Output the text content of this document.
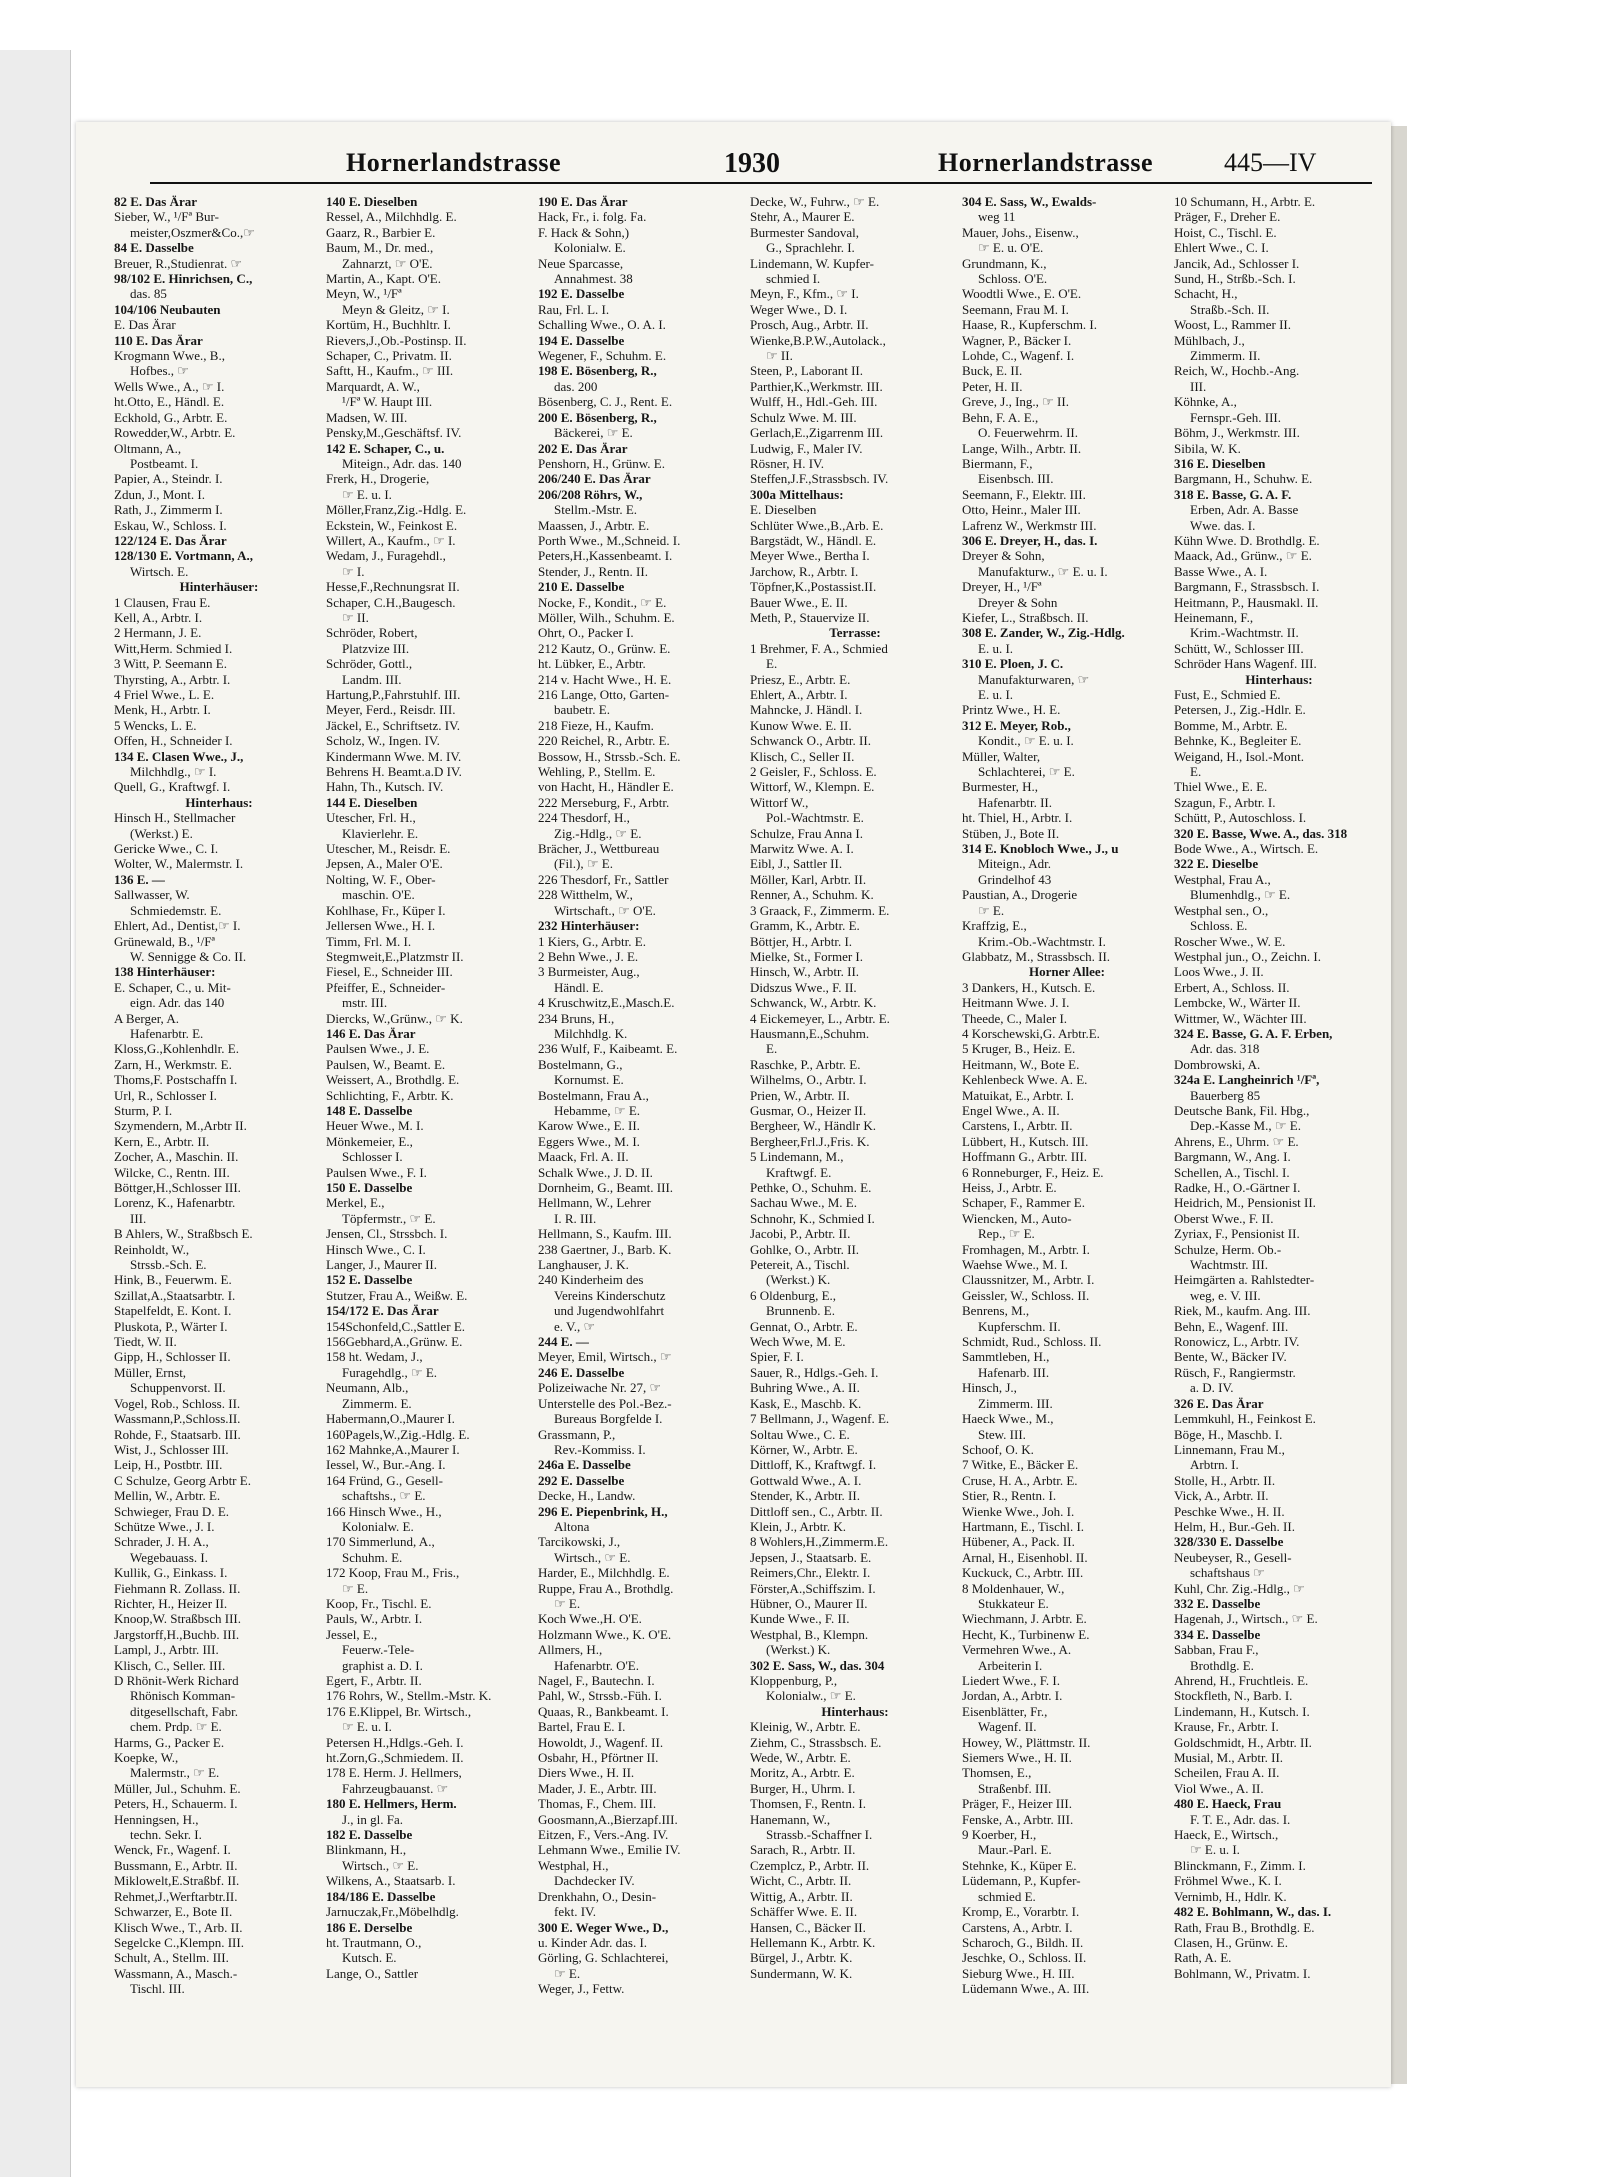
Hornerlandstrasse	1930	Hornerlandstrasse	445—IV
82 E. Das Ärar
Sieber, W., ¹/Fª Bur-
meister,Oszmer&Co.,☞
84 E. Dasselbe
Breuer, R.,Studienrat. ☞
98/102 E. Hinrichsen, C.,
das. 85
104/106 Neubauten
E. Das Ärar
110 E. Das Ärar
Krogmann Wwe., B.,
Hofbes., ☞
Wells Wwe., A., ☞ I.
ht.Otto, E., Händl. E.
Eckhold, G., Arbtr. E.
Rowedder,W., Arbtr. E.
Oltmann, A.,
Postbeamt. I.
Papier, A., Steindr. I.
Zdun, J., Mont. I.
Rath, J., Zimmerm I.
Eskau, W., Schloss. I.
122/124 E. Das Ärar
128/130 E. Vortmann, A.,
Wirtsch. E.
Hinterhäuser:
1 Clausen, Frau E.
Kell, A., Arbtr. I.
2 Hermann, J. E.
Witt,Herm. Schmied I.
3 Witt, P. Seemann E.
Thyrsting, A., Arbtr. I.
4 Friel Wwe., L. E.
Menk, H., Arbtr. I.
5 Wencks, L. E.
Offen, H., Schneider I.
134 E. Clasen Wwe., J.,
Milchhdlg., ☞ I.
Quell, G., Kraftwgf. I.
Hinterhaus:
Hinsch H., Stellmacher
(Werkst.) E.
Gericke Wwe., C. I.
Wolter, W., Malermstr. I.
136 E. —
Sallwasser, W.
Schmiedemstr. E.
Ehlert, Ad., Dentist,☞ I.
Grünewald, B., ¹/Fª
W. Sennigge & Co. II.
138 Hinterhäuser:
E. Schaper, C., u. Mit-
eign. Adr. das 140
A Berger, A.
Hafenarbtr. E.
Kloss,G.,Kohlenhdlr. E.
Zarn, H., Werkmstr. E.
Thoms,F. Postschaffn I.
Url, R., Schlosser I.
Sturm, P. I.
Szymendern, M.,Arbtr II.
Kern, E., Arbtr. II.
Zocher, A., Maschin. II.
Wilcke, C., Rentn. III.
Böttger,H.,Schlosser III.
Lorenz, K., Hafenarbtr.
III.
B Ahlers, W., Straßbsch E.
Reinholdt, W.,
Strssb.-Sch. E.
Hink, B., Feuerwm. E.
Szillat,A.,Staatsarbtr. I.
Stapelfeldt, E. Kont. I.
Pluskota, P., Wärter I.
Tiedt, W. II.
Gipp, H., Schlosser II.
Müller, Ernst,
Schuppenvorst. II.
Vogel, Rob., Schloss. II.
Wassmann,P.,Schloss.II.
Rohde, F., Staatsarb. III.
Wist, J., Schlosser III.
Leip, H., Postbtr. III.
C Schulze, Georg Arbtr E.
Mellin, W., Arbtr. E.
Schwieger, Frau D. E.
Schütze Wwe., J. I.
Schrader, J. H. A.,
Wegebauass. I.
Kullik, G., Einkass. I.
Fiehmann R. Zollass. II.
Richter, H., Heizer II.
Knoop,W. Straßbsch III.
Jargstorff,H.,Buchb. III.
Lampl, J., Arbtr. III.
Klisch, C., Seller. III.
D Rhönit-Werk Richard
Rhönisch Komman-
ditgesellschaft, Fabr.
chem. Prdp. ☞ E.
Harms, G., Packer E.
Koepke, W.,
Malermstr., ☞ E.
Müller, Jul., Schuhm. E.
Peters, H., Schauerm. I.
Henningsen, H.,
techn. Sekr. I.
Wenck, Fr., Wagenf. I.
Bussmann, E., Arbtr. II.
Miklowelt,E.Straßbf. II.
Rehmet,J.,Werftarbtr.II.
Schwarzer, E., Bote II.
Klisch Wwe., T., Arb. II.
Segelcke C.,Klempn. III.
Schult, A., Stellm. III.
Wassmann, A., Masch.-
Tischl. III.
140 E. Dieselben
Ressel, A., Milchhdlg. E.
Gaarz, R., Barbier E.
Baum, M., Dr. med.,
Zahnarzt, ☞ O'E.
Martin, A., Kapt. O'E.
Meyn, W., ¹/Fª
Meyn & Gleitz, ☞ I.
Kortüm, H., Buchhltr. I.
Rievers,J.,Ob.-Postinsp. II.
Schaper, C., Privatm. II.
Saftt, H., Kaufm., ☞ III.
Marquardt, A. W.,
¹/Fª W. Haupt III.
Madsen, W. III.
Pensky,M.,Geschäftsf. IV.
142 E. Schaper, C., u.
Miteign., Adr. das. 140
Frerk, H., Drogerie,
☞ E. u. I.
Möller,Franz,Zig.-Hdlg. E.
Eckstein, W., Feinkost E.
Willert, A., Kaufm., ☞ I.
Wedam, J., Furagehdl.,
☞ I.
Hesse,F.,Rechnungsrat II.
Schaper, C.H.,Baugesch.
☞ II.
Schröder, Robert,
Platzvize III.
Schröder, Gottl.,
Landm. III.
Hartung,P.,Fahrstuhlf. III.
Meyer, Ferd., Reisdr. III.
Jäckel, E., Schriftsetz. IV.
Scholz, W., Ingen. IV.
Kindermann Wwe. M. IV.
Behrens H. Beamt.a.D IV.
Hahn, Th., Kutsch. IV.
144 E. Dieselben
Utescher, Frl. H.,
Klavierlehr. E.
Utescher, M., Reisdr. E.
Jepsen, A., Maler O'E.
Nolting, W. F., Ober-
maschin. O'E.
Kohlhase, Fr., Küper I.
Jellersen Wwe., H. I.
Timm, Frl. M. I.
Stegmweit,E.,Platzmstr II.
Fiesel, E., Schneider III.
Pfeiffer, E., Schneider-
mstr. III.
Diercks, W.,Grünw., ☞ K.
146 E. Das Ärar
Paulsen Wwe., J. E.
Paulsen, W., Beamt. E.
Weissert, A., Brothdlg. E.
Schlichting, F., Arbtr. K.
148 E. Dasselbe
Heuer Wwe., M. I.
Mönkemeier, E.,
Schlosser I.
Paulsen Wwe., F. I.
150 E. Dasselbe
Merkel, E.,
Töpfermstr., ☞ E.
Jensen, Cl., Strssbch. I.
Hinsch Wwe., C. I.
Langer, J., Maurer II.
152 E. Dasselbe
Stutzer, Frau A., Weißw. E.
154/172 E. Das Ärar
154Schonfeld,C.,Sattler E.
156Gebhard,A.,Grünw. E.
158 ht. Wedam, J.,
Furagehdlg., ☞ E.
Neumann, Alb.,
Zimmerm. E.
Habermann,O.,Maurer I.
160Pagels,W.,Zig.-Hdlg. E.
162 Mahnke,A.,Maurer I.
Iessel, W., Bur.-Ang. I.
164 Fründ, G., Gesell-
schaftshs., ☞ E.
166 Hinsch Wwe., H.,
Kolonialw. E.
170 Simmerlund, A.,
Schuhm. E.
172 Koop, Frau M., Fris.,
☞ E.
Koop, Fr., Tischl. E.
Pauls, W., Arbtr. I.
Jessel, E.,
Feuerw.-Tele-
graphist a. D. I.
Egert, F., Arbtr. II.
176 Rohrs, W., Stellm.-Mstr. K.
176 E.Klippel, Br. Wirtsch.,
☞ E. u. I.
Petersen H.,Hdlgs.-Geh. I.
ht.Zorn,G.,Schmiedem. II.
178 E. Herm. J. Hellmers,
Fahrzeugbauanst. ☞
180 E. Hellmers, Herm.
J., in gl. Fa.
182 E. Dasselbe
Blinkmann, H.,
Wirtsch., ☞ E.
Wilkens, A., Staatsarb. I.
184/186 E. Dasselbe
Jarnuczak,Fr.,Möbelhdlg.
186 E. Derselbe
ht. Trautmann, O.,
Kutsch. E.
Lange, O., Sattler
190 E. Das Ärar
Hack, Fr., i. folg. Fa.
F. Hack & Sohn,)
Kolonialw. E.
Neue Sparcasse,
Annahmest. 38
192 E. Dasselbe
Rau, Frl. L. I.
Schalling Wwe., O. A. I.
194 E. Dasselbe
Wegener, F., Schuhm. E.
198 E. Bösenberg, R.,
das. 200
Bösenberg, C. J., Rent. E.
200 E. Bösenberg, R.,
Bäckerei, ☞ E.
202 E. Das Ärar
Penshorn, H., Grünw. E.
206/240 E. Das Ärar
206/208 Röhrs, W.,
Stellm.-Mstr. E.
Maassen, J., Arbtr. E.
Porth Wwe., M.,Schneid. I.
Peters,H.,Kassenbeamt. I.
Stender, J., Rentn. II.
210 E. Dasselbe
Nocke, F., Kondit., ☞ E.
Möller, Wilh., Schuhm. E.
Ohrt, O., Packer I.
212 Kautz, O., Grünw. E.
ht. Lübker, E., Arbtr.
214 v. Hacht Wwe., H. E.
216 Lange, Otto, Garten-
baubetr. E.
218 Fieze, H., Kaufm.
220 Reichel, R., Arbtr. E.
Bossow, H., Strssb.-Sch. E.
Wehling, P., Stellm. E.
von Hacht, H., Händler E.
222 Merseburg, F., Arbtr.
224 Thesdorf, H.,
Zig.-Hdlg., ☞ E.
Brächer, J., Wettbureau
(Fil.), ☞ E.
226 Thesdorf, Fr., Sattler
228 Witthelm, W.,
Wirtschaft., ☞ O'E.
232 Hinterhäuser:
1 Kiers, G., Arbtr. E.
2 Behn Wwe., J. E.
3 Burmeister, Aug.,
Händl. E.
4 Kruschwitz,E.,Masch.E.
234 Bruns, H.,
Milchhdlg. K.
236 Wulf, F., Kaibeamt. E.
Bostelmann, G.,
Kornumst. E.
Bostelmann, Frau A.,
Hebamme, ☞ E.
Karow Wwe., E. II.
Eggers Wwe., M. I.
Maack, Frl. A. II.
Schalk Wwe., J. D. II.
Dornheim, G., Beamt. III.
Hellmann, W., Lehrer
I. R. III.
Hellmann, S., Kaufm. III.
238 Gaertner, J., Barb. K.
Langhauser, J. K.
240 Kinderheim des
Vereins Kinderschutz
und Jugendwohlfahrt
e. V., ☞
244 E. —
Meyer, Emil, Wirtsch., ☞
246 E. Dasselbe
Polizeiwache Nr. 27, ☞
Unterstelle des Pol.-Bez.-
Bureaus Borgfelde I.
Grassmann, P.,
Rev.-Kommiss. I.
246a E. Dasselbe
292 E. Dasselbe
Decke, H., Landw.
296 E. Piepenbrink, H.,
Altona
Tarcikowski, J.,
Wirtsch., ☞ E.
Harder, E., Milchhdlg. E.
Ruppe, Frau A., Brothdlg.
☞ E.
Koch Wwe.,H. O'E.
Holzmann Wwe., K. O'E.
Allmers, H.,
Hafenarbtr. O'E.
Nagel, F., Bautechn. I.
Pahl, W., Strssb.-Füh. I.
Quaas, R., Bankbeamt. I.
Bartel, Frau E. I.
Howoldt, J., Wagenf. II.
Osbahr, H., Pförtner II.
Diers Wwe., H. II.
Mader, J. E., Arbtr. III.
Thomas, F., Chem. III.
Goosmann,A.,Bierzapf.III.
Eitzen, F., Vers.-Ang. IV.
Lehmann Wwe., Emilie IV.
Westphal, H.,
Dachdecker IV.
Drenkhahn, O., Desin-
fekt. IV.
300 E. Weger Wwe., D.,
u. Kinder Adr. das. I.
Görling, G. Schlachterei,
☞ E.
Weger, J., Fettw.
Decke, W., Fuhrw., ☞ E.
Stehr, A., Maurer E.
Burmester Sandoval,
G., Sprachlehr. I.
Lindemann, W. Kupfer-
schmied I.
Meyn, F., Kfm., ☞ I.
Weger Wwe., D. I.
Prosch, Aug., Arbtr. II.
Wienke,B.P.W.,Autolack.,
☞ II.
Steen, P., Laborant II.
Parthier,K.,Werkmstr. III.
Wulff, H., Hdl.-Geh. III.
Schulz Wwe. M. III.
Gerlach,E.,Zigarrenm III.
Ludwig, F., Maler IV.
Rösner, H. IV.
Steffen,J.F.,Strassbsch. IV.
300a Mittelhaus:
E. Dieselben
Schlüter Wwe.,B.,Arb. E.
Bargstädt, W., Händl. E.
Meyer Wwe., Bertha I.
Jarchow, R., Arbtr. I.
Töpfner,K.,Postassist.II.
Bauer Wwe., E. II.
Meth, P., Stauervize II.
Terrasse:
1 Brehmer, F. A., Schmied
E.
Priesz, E., Arbtr. E.
Ehlert, A., Arbtr. I.
Mahncke, J. Händl. I.
Kunow Wwe. E. II.
Schwanck O., Arbtr. II.
Klisch, C., Seller II.
2 Geisler, F., Schloss. E.
Wittorf, W., Klempn. E.
Wittorf W.,
Pol.-Wachtmstr. E.
Schulze, Frau Anna I.
Marwitz Wwe. A. I.
Eibl, J., Sattler II.
Möller, Karl, Arbtr. II.
Renner, A., Schuhm. K.
3 Graack, F., Zimmerm. E.
Gramm, K., Arbtr. E.
Böttjer, H., Arbtr. I.
Mielke, St., Former I.
Hinsch, W., Arbtr. II.
Didszus Wwe., F. II.
Schwanck, W., Arbtr. K.
4 Eickemeyer, L., Arbtr. E.
Hausmann,E.,Schuhm.
E.
Raschke, P., Arbtr. E.
Wilhelms, O., Arbtr. I.
Prien, W., Arbtr. II.
Gusmar, O., Heizer II.
Bergheer, W., Händlr K.
Bergheer,Frl.J.,Fris. K.
5 Lindemann, M.,
Kraftwgf. E.
Pethke, O., Schuhm. E.
Sachau Wwe., M. E.
Schnohr, K., Schmied I.
Jacobi, P., Arbtr. II.
Gohlke, O., Arbtr. II.
Petereit, A., Tischl.
(Werkst.) K.
6 Oldenburg, E.,
Brunnenb. E.
Gennat, O., Arbtr. E.
Wech Wwe, M. E.
Spier, F. I.
Sauer, R., Hdlgs.-Geh. I.
Buhring Wwe., A. II.
Kask, E., Maschb. K.
7 Bellmann, J., Wagenf. E.
Soltau Wwe., C. E.
Körner, W., Arbtr. E.
Dittloff, K., Kraftwgf. I.
Gottwald Wwe., A. I.
Stender, K., Arbtr. II.
Dittloff sen., C., Arbtr. II.
Klein, J., Arbtr. K.
8 Wohlers,H.,Zimmerm.E.
Jepsen, J., Staatsarb. E.
Reimers,Chr., Elektr. I.
Förster,A.,Schiffszim. I.
Hübner, O., Maurer II.
Kunde Wwe., F. II.
Westphal, B., Klempn.
(Werkst.) K.
302 E. Sass, W., das. 304
Kloppenburg, P.,
Kolonialw., ☞ E.
Hinterhaus:
Kleinig, W., Arbtr. E.
Ziehm, C., Strassbsch. E.
Wede, W., Arbtr. E.
Moritz, A., Arbtr. E.
Burger, H., Uhrm. I.
Thomsen, F., Rentn. I.
Hanemann, W.,
Strassb.-Schaffner I.
Sarach, R., Arbtr. II.
Czemplcz, P., Arbtr. II.
Wicht, C., Arbtr. II.
Wittig, A., Arbtr. II.
Schäffer Wwe. E. II.
Hansen, C., Bäcker II.
Hellemann K., Arbtr. K.
Bürgel, J., Arbtr. K.
Sundermann, W. K.
304 E. Sass, W., Ewalds-
weg 11
Mauer, Johs., Eisenw.,
☞ E. u. O'E.
Grundmann, K.,
Schloss. O'E.
Woodtli Wwe., E. O'E.
Seemann, Frau M. I.
Haase, R., Kupferschm. I.
Wagner, P., Bäcker I.
Lohde, C., Wagenf. I.
Buck, E. II.
Peter, H. II.
Greve, J., Ing., ☞ II.
Behn, F. A. E.,
O. Feuerwehrm. II.
Lange, Wilh., Arbtr. II.
Biermann, F.,
Eisenbsch. III.
Seemann, F., Elektr. III.
Otto, Heinr., Maler III.
Lafrenz W., Werkmstr III.
306 E. Dreyer, H., das. I.
Dreyer & Sohn,
Manufakturw., ☞ E. u. I.
Dreyer, H., ¹/Fª
Dreyer & Sohn
Kiefer, L., Straßbsch. II.
308 E. Zander, W., Zig.-Hdlg.
E. u. I.
310 E. Ploen, J. C.
Manufakturwaren, ☞
E. u. I.
Printz Wwe., H. E.
312 E. Meyer, Rob.,
Kondit., ☞ E. u. I.
Müller, Walter,
Schlachterei, ☞ E.
Burmester, H.,
Hafenarbtr. II.
ht. Thiel, H., Arbtr. I.
Stüben, J., Bote II.
314 E. Knobloch Wwe., J., u
Miteign., Adr.
Grindelhof 43
Paustian, A., Drogerie
☞ E.
Kraffzig, E.,
Krim.-Ob.-Wachtmstr. I.
Glabbatz, M., Strassbsch. II.
Horner Allee:
3 Dankers, H., Kutsch. E.
Heitmann Wwe. J. I.
Theede, C., Maler I.
4 Korschewski,G. Arbtr.E.
5 Kruger, B., Heiz. E.
Heitmann, W., Bote E.
Kehlenbeck Wwe. A. E.
Matuikat, E., Arbtr. I.
Engel Wwe., A. II.
Carstens, I., Arbtr. II.
Lübbert, H., Kutsch. III.
Hoffmann G., Arbtr. III.
6 Ronneburger, F., Heiz. E.
Heiss, J., Arbtr. E.
Schaper, F., Rammer E.
Wiencken, M., Auto-
Rep., ☞ E.
Fromhagen, M., Arbtr. I.
Waehse Wwe., M. I.
Claussnitzer, M., Arbtr. I.
Geissler, W., Schloss. II.
Benrens, M.,
Kupferschm. II.
Schmidt, Rud., Schloss. II.
Sammtleben, H.,
Hafenarb. III.
Hinsch, J.,
Zimmerm. III.
Haeck Wwe., M.,
Stew. III.
Schoof, O. K.
7 Witke, E., Bäcker E.
Cruse, H. A., Arbtr. E.
Stier, R., Rentn. I.
Wienke Wwe., Joh. I.
Hartmann, E., Tischl. I.
Hübener, A., Pack. II.
Arnal, H., Eisenhobl. II.
Kuckuck, C., Arbtr. III.
8 Moldenhauer, W.,
Stukkateur E.
Wiechmann, J. Arbtr. E.
Hecht, K., Turbinenw E.
Vermehren Wwe., A.
Arbeiterin I.
Liedert Wwe., F. I.
Jordan, A., Arbtr. I.
Eisenblätter, Fr.,
Wagenf. II.
Howey, W., Plättmstr. II.
Siemers Wwe., H. II.
Thomsen, E.,
Straßenbf. III.
Präger, F., Heizer III.
Fenske, A., Arbtr. III.
9 Koerber, H.,
Maur.-Parl. E.
Stehnke, K., Küper E.
Lüdemann, P., Kupfer-
schmied E.
Kromp, E., Vorarbtr. I.
Carstens, A., Arbtr. I.
Scharoch, G., Bildh. II.
Jeschke, O., Schloss. II.
Sieburg Wwe., H. III.
Lüdemann Wwe., A. III.
10 Schumann, H., Arbtr. E.
Präger, F., Dreher E.
Hoist, C., Tischl. E.
Ehlert Wwe., C. I.
Jancik, Ad., Schlosser I.
Sund, H., Strßb.-Sch. I.
Schacht, H.,
Straßb.-Sch. II.
Woost, L., Rammer II.
Mühlbach, J.,
Zimmerm. II.
Reich, W., Hochb.-Ang.
III.
Köhnke, A.,
Fernspr.-Geh. III.
Böhm, J., Werkmstr. III.
Sibila, W. K.
316 E. Dieselben
Bargmann, H., Schuhw. E.
318 E. Basse, G. A. F.
Erben, Adr. A. Basse
Wwe. das. I.
Kühn Wwe. D. Brothdlg. E.
Maack, Ad., Grünw., ☞ E.
Basse Wwe., A. I.
Bargmann, F., Strassbsch. I.
Heitmann, P., Hausmakl. II.
Heinemann, F.,
Krim.-Wachtmstr. II.
Schütt, W., Schlosser III.
Schröder Hans Wagenf. III.
Hinterhaus:
Fust, E., Schmied E.
Petersen, J., Zig.-Hdlr. E.
Bomme, M., Arbtr. E.
Behnke, K., Begleiter E.
Weigand, H., Isol.-Mont.
E.
Thiel Wwe., E. E.
Szagun, F., Arbtr. I.
Schütt, P., Autoschloss. I.
320 E. Basse, Wwe. A., das. 318
Bode Wwe., A., Wirtsch. E.
322 E. Dieselbe
Westphal, Frau A.,
Blumenhdlg., ☞ E.
Westphal sen., O.,
Schloss. E.
Roscher Wwe., W. E.
Westphal jun., O., Zeichn. I.
Loos Wwe., J. II.
Erbert, A., Schloss. II.
Lembcke, W., Wärter II.
Wittmer, W., Wächter III.
324 E. Basse, G. A. F. Erben,
Adr. das. 318
Dombrowski, A.
324a E. Langheinrich ¹/Fª,
Bauerberg 85
Deutsche Bank, Fil. Hbg.,
Dep.-Kasse M., ☞ E.
Ahrens, E., Uhrm. ☞ E.
Bargmann, W., Ang. I.
Schellen, A., Tischl. I.
Radke, H., O.-Gärtner I.
Heidrich, M., Pensionist II.
Oberst Wwe., F. II.
Zyriax, F., Pensionist II.
Schulze, Herm. Ob.-
Wachtmstr. III.
Heimgärten a. Rahlstedter-
weg, e. V. III.
Riek, M., kaufm. Ang. III.
Behn, E., Wagenf. III.
Ronowicz, L., Arbtr. IV.
Bente, W., Bäcker IV.
Rüsch, F., Rangiermstr.
a. D. IV.
326 E. Das Ärar
Lemmkuhl, H., Feinkost E.
Böge, H., Maschb. I.
Linnemann, Frau M.,
Arbtrn. I.
Stolle, H., Arbtr. II.
Vick, A., Arbtr. II.
Peschke Wwe., H. II.
Helm, H., Bur.-Geh. II.
328/330 E. Dasselbe
Neubeyser, R., Gesell-
schaftshaus ☞
Kuhl, Chr. Zig.-Hdlg., ☞
332 E. Dasselbe
Hagenah, J., Wirtsch., ☞ E.
334 E. Dasselbe
Sabban, Frau F.,
Brothdlg. E.
Ahrend, H., Fruchtleis. E.
Stockfleth, N., Barb. I.
Lindemann, H., Kutsch. I.
Krause, Fr., Arbtr. I.
Goldschmidt, H., Arbtr. II.
Musial, M., Arbtr. II.
Scheilen, Frau A. II.
Viol Wwe., A. II.
480 E. Haeck, Frau
F. T. E., Adr. das. I.
Haeck, E., Wirtsch.,
☞ E. u. I.
Blinckmann, F., Zimm. I.
Fröhmel Wwe., K. I.
Vernimb, H., Hdlr. K.
482 E. Bohlmann, W., das. I.
Rath, Frau B., Brothdlg. E.
Clasen, H., Grünw. E.
Rath, A. E.
Bohlmann, W., Privatm. I.
